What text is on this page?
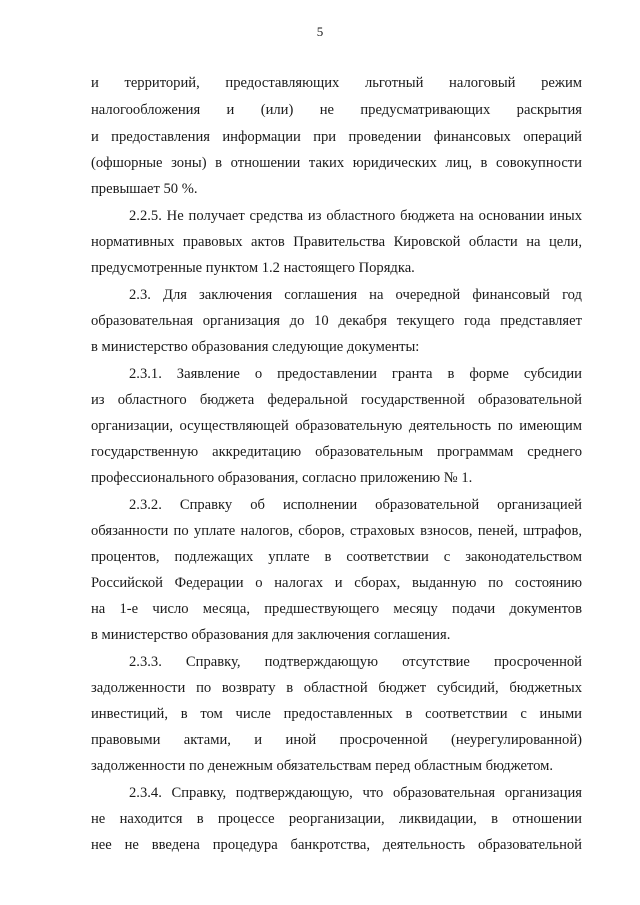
5
и территорий, предоставляющих льготный налоговый режим
налогообложения и (или) не предусматривающих раскрытия
и предоставления информации при проведении финансовых операций
(офшорные зоны) в отношении таких юридических лиц, в совокупности
превышает 50 %.
2.2.5. Не получает средства из областного бюджета на основании иных
нормативных правовых актов Правительства Кировской области на цели,
предусмотренные пунктом 1.2 настоящего Порядка.
2.3. Для заключения соглашения на очередной финансовый год
образовательная организация до 10 декабря текущего года представляет
в министерство образования следующие документы:
2.3.1. Заявление о предоставлении гранта в форме субсидии
из областного бюджета федеральной государственной образовательной
организации, осуществляющей образовательную деятельность по имеющим
государственную аккредитацию образовательным программам среднего
профессионального образования, согласно приложению № 1.
2.3.2. Справку об исполнении образовательной организацией
обязанности по уплате налогов, сборов, страховых взносов, пеней, штрафов,
процентов, подлежащих уплате в соответствии с законодательством
Российской Федерации о налогах и сборах, выданную по состоянию
на 1-е число месяца, предшествующего месяцу подачи документов
в министерство образования для заключения соглашения.
2.3.3. Справку, подтверждающую отсутствие просроченной
задолженности по возврату в областной бюджет субсидий, бюджетных
инвестиций, в том числе предоставленных в соответствии с иными
правовыми актами, и иной просроченной (неурегулированной)
задолженности по денежным обязательствам перед областным бюджетом.
2.3.4. Справку, подтверждающую, что образовательная организация
не находится в процессе реорганизации, ликвидации, в отношении
нее не введена процедура банкротства, деятельность образовательной
